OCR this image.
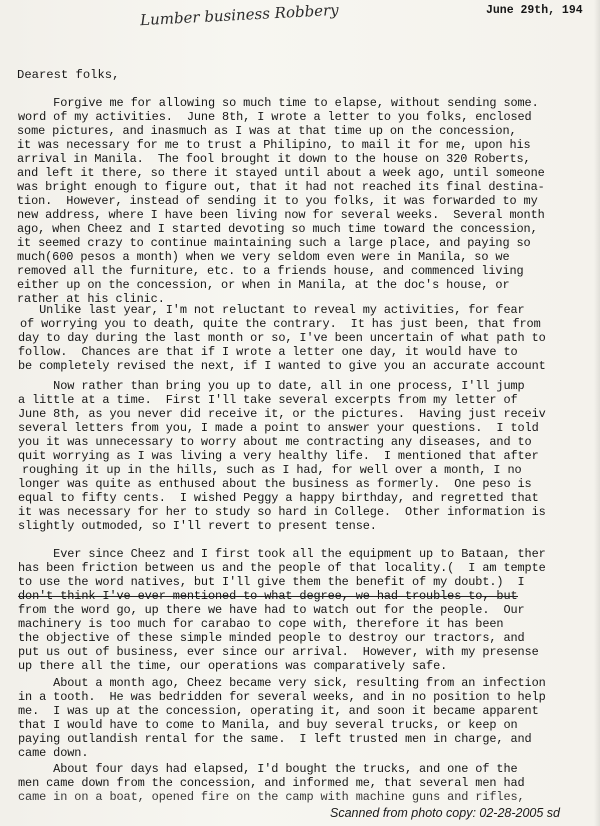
Lumber business Robbery	June 29th, 194
Dearest folks,
Forgive me for allowing so much time to elapse, without sending some.
word of my activities.  June 8th, I wrote a letter to you folks, enclosed
some pictures, and inasmuch as I was at that time up on the concession,
it was necessary for me to trust a Philipino, to mail it for me, upon his
arrival in Manila.  The fool brought it down to the house on 320 Roberts,
and left it there, so there it stayed until about a week ago, until someone
was bright enough to figure out, that it had not reached its final destina-
tion.  However, instead of sending it to you folks, it was forwarded to my
new address, where I have been living now for several weeks.  Several month
ago, when Cheez and I started devoting so much time toward the concession,
it seemed crazy to continue maintaining such a large place, and paying so
much(600 pesos a month) when we very seldom even were in Manila, so we
removed all the furniture, etc. to a friends house, and commenced living
either up on the concession, or when in Manila, at the doc's house, or
rather at his clinic.
Unlike last year, I'm not reluctant to reveal my activities, for fear
of worrying you to death, quite the contrary.  It has just been, that from
day to day during the last month or so, I've been uncertain of what path to
follow.  Chances are that if I wrote a letter one day, it would have to
be completely revised the next, if I wanted to give you an accurate account
Now rather than bring you up to date, all in one process, I'll jump
a little at a time.  First I'll take several excerpts from my letter of
June 8th, as you never did receive it, or the pictures.  Having just receiv
several letters from you, I made a point to answer your questions.  I told
you it was unnecessary to worry about me contracting any diseases, and to
quit worrying as I was living a very healthy life.  I mentioned that after
roughing it up in the hills, such as I had, for well over a month, I no
longer was quite as enthused about the business as formerly.  One peso is
equal to fifty cents.  I wished Peggy a happy birthday, and regretted that
it was necessary for her to study so hard in College.  Other information is
slightly outmoded, so I'll revert to present tense.
Ever since Cheez and I first took all the equipment up to Bataan, ther
has been friction between us and the people of that locality.(  I am tempte
to use the word natives, but I'll give them the benefit of my doubt.)  I
don't think I've ever mentioned to what degree, we had troubles to, but
from the word go, up there we have had to watch out for the people.  Our
machinery is too much for carabao to cope with, therefore it has been
the objective of these simple minded people to destroy our tractors, and
put us out of business, ever since our arrival.  However, with my presense
up there all the time, our operations was comparatively safe.
About a month ago, Cheez became very sick, resulting from an infection
in a tooth.  He was bedridden for several weeks, and in no position to help
me.  I was up at the concession, operating it, and soon it became apparent
that I would have to come to Manila, and buy several trucks, or keep on
paying outlandish rental for the same.  I left trusted men in charge, and
came down.
About four days had elapsed, I'd bought the trucks, and one of the
men came down from the concession, and informed me, that several men had
came in on a boat, opened fire on the camp with machine guns and rifles,
Scanned from photo copy: 02-28-2005 sd
